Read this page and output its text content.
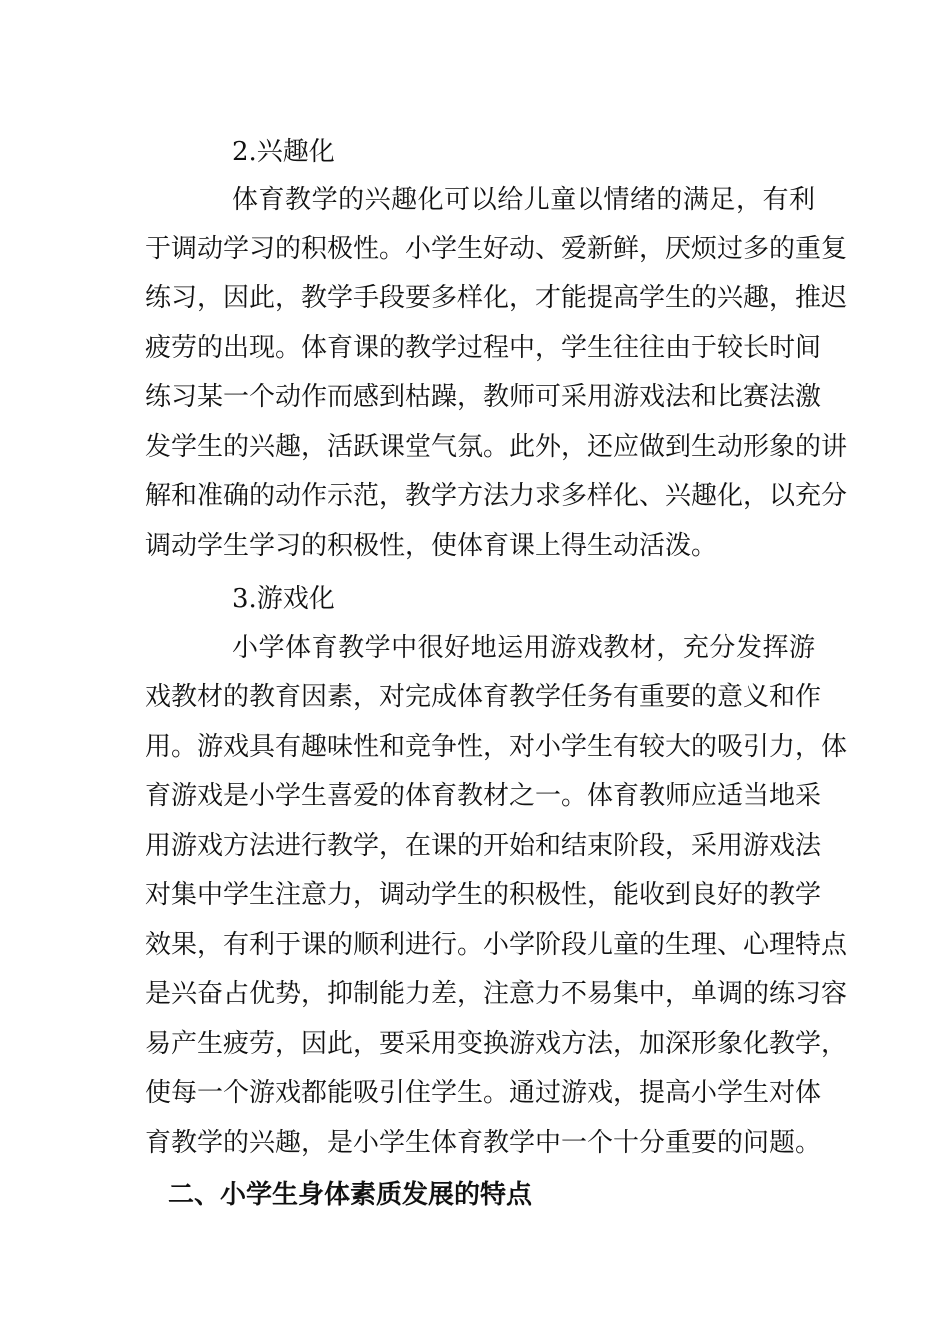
2.兴趣化
体育教学的兴趣化可以给儿童以情绪的满足，有利
于调动学习的积极性。小学生好动、爱新鲜，厌烦过多的重复
练习，因此，教学手段要多样化，才能提高学生的兴趣，推迟
疲劳的出现。体育课的教学过程中，学生往往由于较长时间
练习某一个动作而感到枯躁，教师可采用游戏法和比赛法激
发学生的兴趣，活跃课堂气氛。此外，还应做到生动形象的讲
解和准确的动作示范，教学方法力求多样化、兴趣化，以充分
调动学生学习的积极性，使体育课上得生动活泼。
3.游戏化
小学体育教学中很好地运用游戏教材，充分发挥游
戏教材的教育因素，对完成体育教学任务有重要的意义和作
用。游戏具有趣味性和竞争性，对小学生有较大的吸引力，体
育游戏是小学生喜爱的体育教材之一。体育教师应适当地采
用游戏方法进行教学，在课的开始和结束阶段，采用游戏法
对集中学生注意力，调动学生的积极性，能收到良好的教学
效果，有利于课的顺利进行。小学阶段儿童的生理、心理特点
是兴奋占优势，抑制能力差，注意力不易集中，单调的练习容
易产生疲劳，因此，要采用变换游戏方法，加深形象化教学，
使每一个游戏都能吸引住学生。通过游戏，提高小学生对体
育教学的兴趣，是小学生体育教学中一个十分重要的问题。
二、小学生身体素质发展的特点
